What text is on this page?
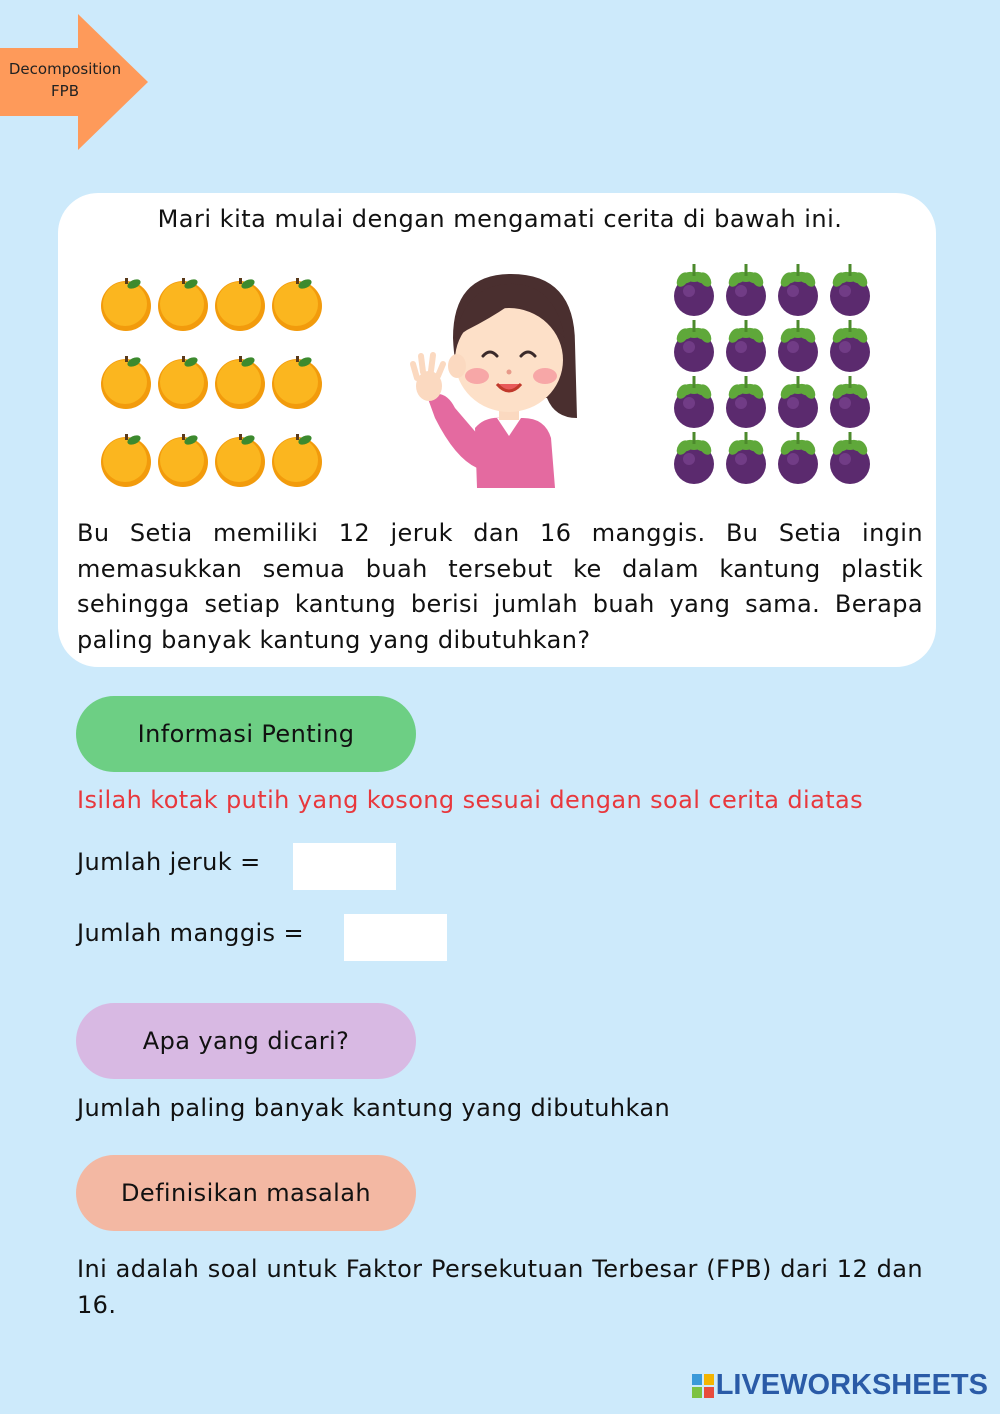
Decomposition
FPB
Mari kita mulai dengan mengamati cerita di bawah ini.

Bu Setia memiliki 12 jeruk dan 16 manggis. Bu Setia ingin memasukkan semua buah tersebut ke dalam kantung plastik sehingga setiap kantung berisi jumlah buah yang sama. Berapa paling banyak kantung yang dibutuhkan?

Informasi Penting
Isilah kotak putih yang kosong sesuai dengan soal cerita diatas
Jumlah jeruk =
Jumlah manggis =
Apa yang dicari?
Jumlah paling banyak kantung yang dibutuhkan
Definisikan masalah

Ini adalah soal untuk Faktor Persekutuan Terbesar (FPB) dari 12 dan 16.

LIVEWORKSHEETS
